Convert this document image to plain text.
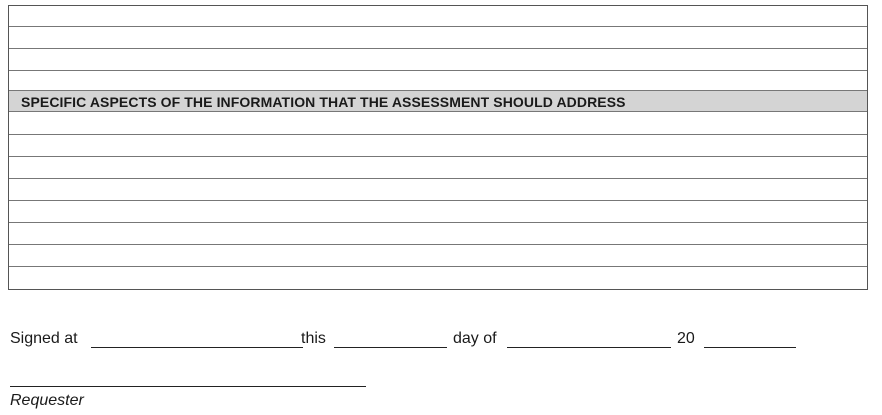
SPECIFIC ASPECTS OF THE INFORMATION THAT THE ASSESSMENT SHOULD ADDRESS
Signed at	this	day of	20
Requester
